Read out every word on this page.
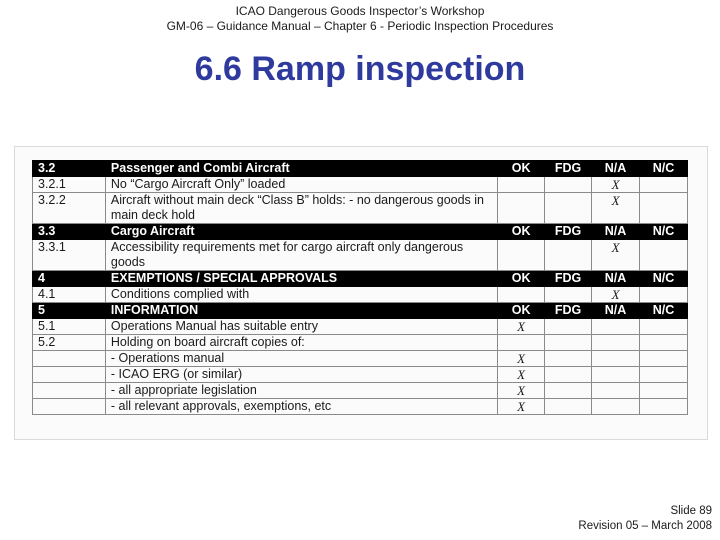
ICAO Dangerous Goods Inspector’s Workshop
GM-06 – Guidance Manual – Chapter 6 - Periodic Inspection Procedures
6.6 Ramp inspection
3.2	Passenger and Combi Aircraft	OK	FDG	N/A	N/C
3.2.1	No “Cargo Aircraft Only” loaded			X	
3.2.2	Aircraft without main deck “Class B” holds: - no dangerous goods in main deck hold			X	
3.3	Cargo Aircraft	OK	FDG	N/A	N/C
3.3.1	Accessibility requirements met for cargo aircraft only dangerous goods			X	
4	EXEMPTIONS / SPECIAL APPROVALS	OK	FDG	N/A	N/C
4.1	Conditions complied with			X	
5	INFORMATION	OK	FDG	N/A	N/C
5.1	Operations Manual has suitable entry	X			
5.2	Holding on board aircraft copies of:				
	- Operations manual	X			
	- ICAO ERG (or similar)	X			
	- all appropriate legislation	X			
	- all relevant approvals, exemptions, etc	X			
Slide 89
Revision 05 – March 2008
